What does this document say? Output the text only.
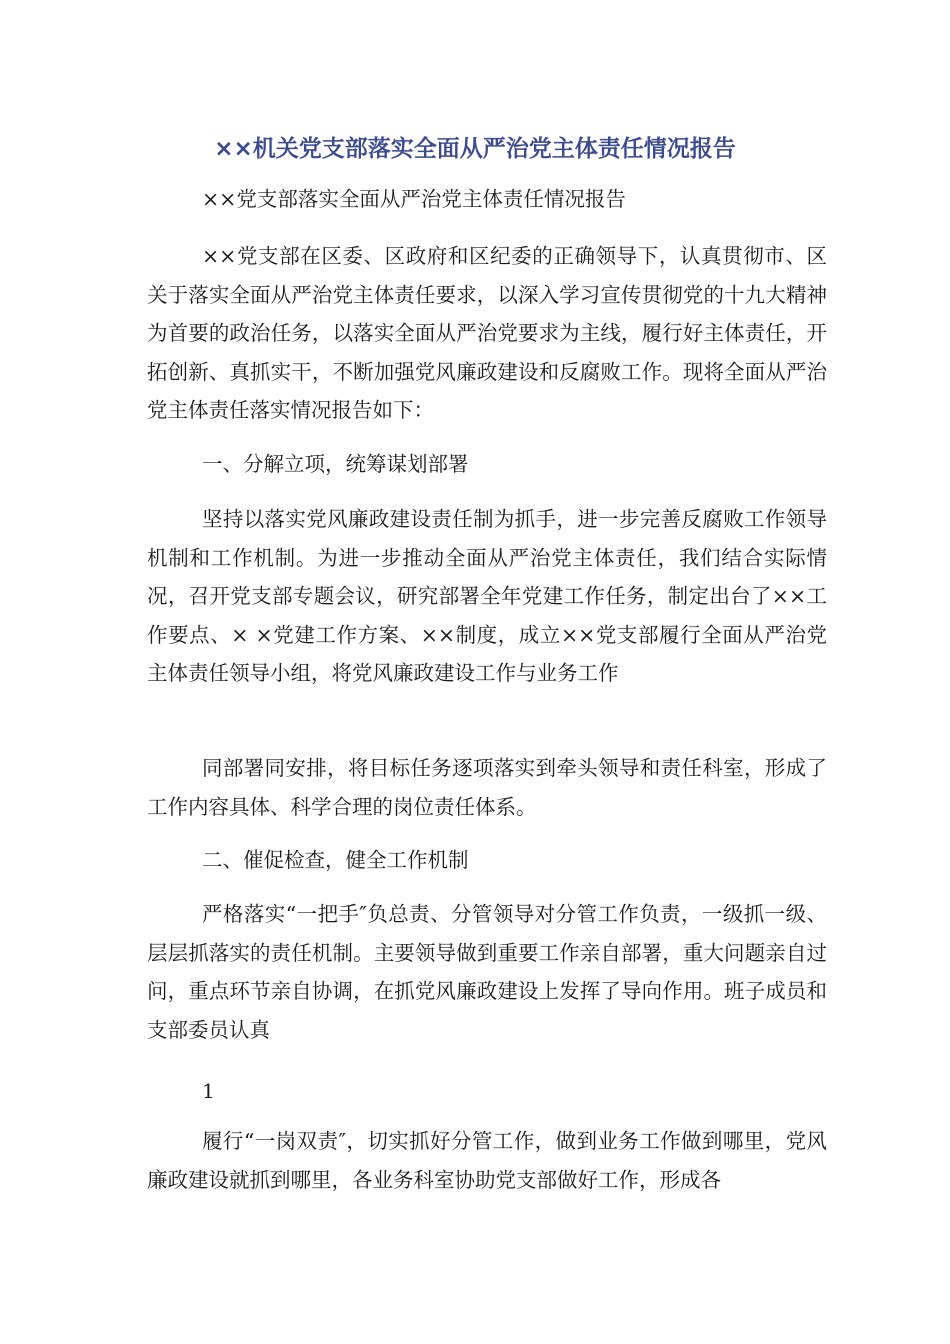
××机关党支部落实全面从严治党主体责任情况报告

××党支部落实全面从严治党主体责任情况报告

××党支部在区委、区政府和区纪委的正确领导下，认真贯彻市、区关于落实全面从严治党主体责任要求，以深入学习宣传贯彻党的十九大精神为首要的政治任务，以落实全面从严治党要求为主线，履行好主体责任，开拓创新、真抓实干，不断加强党风廉政建设和反腐败工作。现将全面从严治党主体责任落实情况报告如下：

一、分解立项，统筹谋划部署

坚持以落实党风廉政建设责任制为抓手，进一步完善反腐败工作领导机制和工作机制。为进一步推动全面从严治党主体责任，我们结合实际情况，召开党支部专题会议，研究部署全年党建工作任务，制定出台了××工作要点、× ×党建工作方案、××制度，成立××党支部履行全面从严治党主体责任领导小组，将党风廉政建设工作与业务工作

同部署同安排，将目标任务逐项落实到牵头领导和责任科室，形成了工作内容具体、科学合理的岗位责任体系。

二、催促检查，健全工作机制

严格落实“一把手″负总责、分管领导对分管工作负责，一级抓一级、层层抓落实的责任机制。主要领导做到重要工作亲自部署，重大问题亲自过问，重点环节亲自协调，在抓党风廉政建设上发挥了导向作用。班子成员和支部委员认真

1

履行“一岗双责″，切实抓好分管工作，做到业务工作做到哪里，党风廉政建设就抓到哪里，各业务科室协助党支部做好工作，形成各
